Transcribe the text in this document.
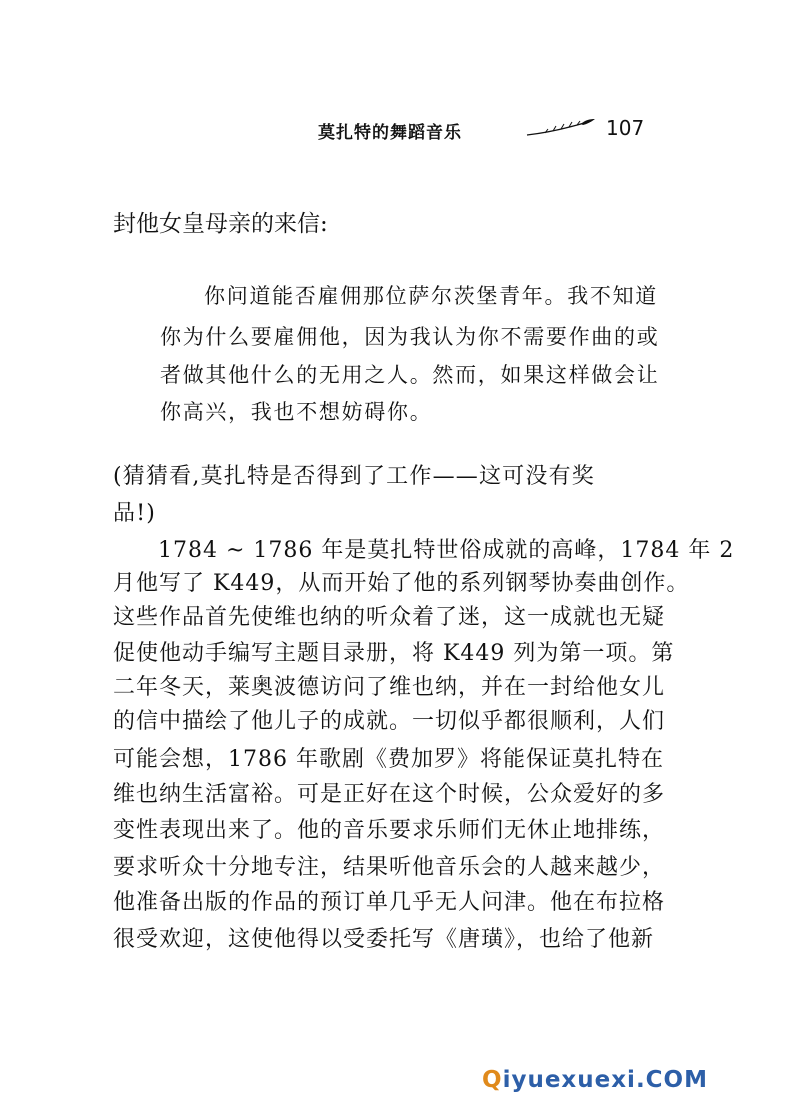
莫扎特的舞蹈音乐	107

封他女皇母亲的来信:

你问道能否雇佣那位萨尔茨堡青年。我不知道

你为什么要雇佣他，因为我认为你不需要作曲的或

者做其他什么的无用之人。然而，如果这样做会让

你高兴，我也不想妨碍你。

(猜猜看,莫扎特是否得到了工作——这可没有奖

品!)

1784 ~ 1786 年是莫扎特世俗成就的高峰，1784 年 2

月他写了 K449，从而开始了他的系列钢琴协奏曲创作。

这些作品首先使维也纳的听众着了迷，这一成就也无疑

促使他动手编写主题目录册，将 K449 列为第一项。第

二年冬天，莱奥波德访问了维也纳，并在一封给他女儿

的信中描绘了他儿子的成就。一切似乎都很顺利，人们

可能会想，1786 年歌剧《费加罗》将能保证莫扎特在

维也纳生活富裕。可是正好在这个时候，公众爱好的多

变性表现出来了。他的音乐要求乐师们无休止地排练，

要求听众十分地专注，结果听他音乐会的人越来越少，

他准备出版的作品的预订单几乎无人问津。他在布拉格

很受欢迎，这使他得以受委托写《唐璜》，也给了他新

Qiyuexuexi.COM
